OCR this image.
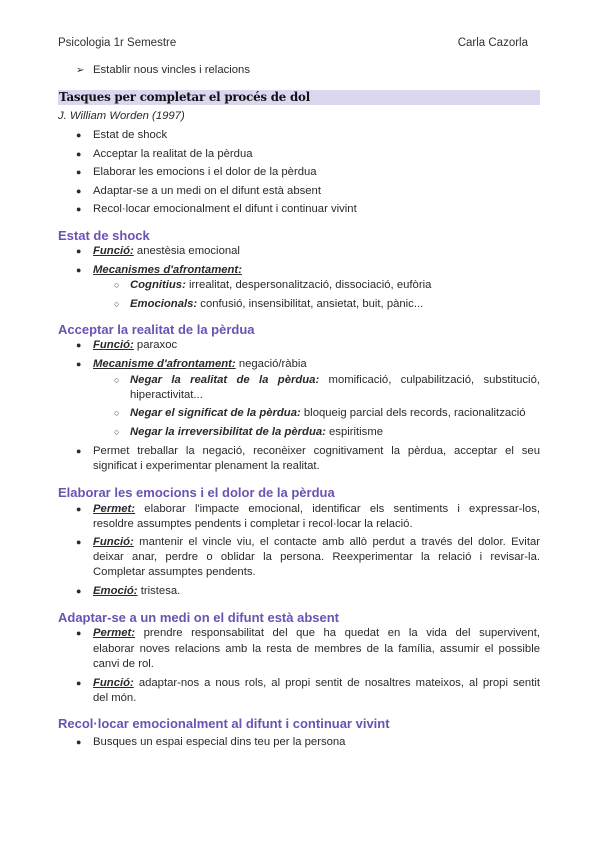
Psicologia 1r Semestre	Carla Cazorla
➢ Establir nous vincles i relacions
Tasques per completar el procés de dol
J. William Worden (1997)
● Estat de shock
● Acceptar la realitat de la pèrdua
● Elaborar les emocions i el dolor de la pèrdua
● Adaptar-se a un medi on el difunt està absent
● Recol·locar emocionalment el difunt i continuar vivint
Estat de shock
● Funció: anestèsia emocional
● Mecanismes d'afrontament:
○ Cognitius: irrealitat, despersonalització, dissociació, eufòria
○ Emocionals: confusió, insensibilitat, ansietat, buit, pànic...
Acceptar la realitat de la pèrdua
● Funció: paraxoc
● Mecanisme d'afrontament: negació/ràbia
○ Negar la realitat de la pèrdua: momificació, culpabilització, substitució,
hiperactivitat...
○ Negar el significat de la pèrdua: bloqueig parcial dels records, racionalització
○ Negar la irreversibilitat de la pèrdua: espiritisme
● Permet treballar la negació, reconèixer cognitivament la pèrdua, acceptar el seu
significat i experimentar plenament la realitat.
Elaborar les emocions i el dolor de la pèrdua
● Permet: elaborar l'impacte emocional, identificar els sentiments i expressar-los,
resoldre assumptes pendents i completar i recol·locar la relació.
● Funció: mantenir el vincle viu, el contacte amb allò perdut a través del dolor. Evitar
deixar anar, perdre o oblidar la persona. Reexperimentar la relació i revisar-la.
Completar assumptes pendents.
● Emoció: tristesa.
Adaptar-se a un medi on el difunt està absent
● Permet: prendre responsabilitat del que ha quedat en la vida del supervivent,
elaborar noves relacions amb la resta de membres de la família, assumir el possible
canvi de rol.
● Funció: adaptar-nos a nous rols, al propi sentit de nosaltres mateixos, al propi sentit
del món.
Recol·locar emocionalment al difunt i continuar vivint
● Busques un espai especial dins teu per la persona
